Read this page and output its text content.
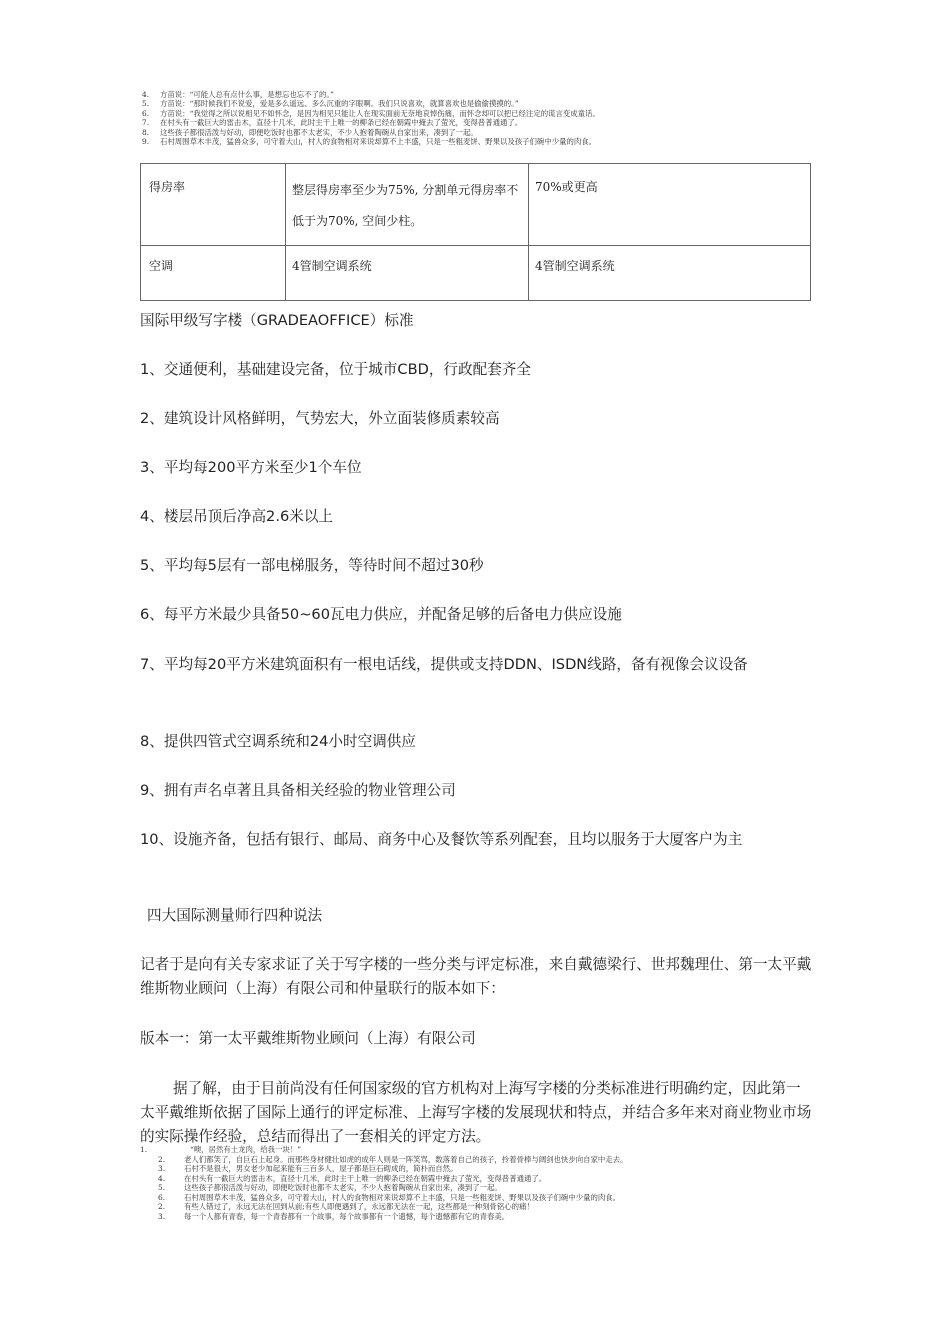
4.	方苗说：“可能人总有点什么事，是想忘也忘不了的。”
5.	方苗说：“那时候我们不说爱，爱是多么遥远、多么沉重的字眼啊。我们只说喜欢，就算喜欢也是偷偷摸摸的。”
6.	方苗说：“我觉得之所以说相见不如怀念，是因为相见只能让人在现实面前无奈地哀悼伤痛，而怀念却可以把已经注定的谎言变成童话。
7.	在村头有一截巨大的雷击木，直径十几米，此时主干上唯一的柳条已经在朝霞中掩去了萤光，变得普普通通了。
8.	这些孩子都很活泼与好动，即便吃饭时也都不太老实，不少人抱着陶碗从自家出来，凑到了一起。
9.	石村周围草木丰茂，猛兽众多，可守着大山，村人的食物相对来说却算不上丰盛，只是一些粗麦饼、野果以及孩子们碗中少量的肉食。
得房率	整层得房率至少为75%, 分割单元得房率不低于为70%, 空间少柱。	70%或更高
空调	4管制空调系统	4管制空调系统
国际甲级写字楼（GRADEAOFFICE）标准
1、交通便利，基础建设完备，位于城市CBD，行政配套齐全
2、建筑设计风格鲜明，气势宏大，外立面装修质素较高
3、平均每200平方米至少1个车位
4、楼层吊顶后净高2.6米以上
5、平均每5层有一部电梯服务，等待时间不超过30秒
6、每平方米最少具备50~60瓦电力供应，并配备足够的后备电力供应设施
7、平均每20平方米建筑面积有一根电话线，提供或支持DDN、ISDN线路，备有视像会议设备
8、提供四管式空调系统和24小时空调供应
9、拥有声名卓著且具备相关经验的物业管理公司
10、设施齐备，包括有银行、邮局、商务中心及餐饮等系列配套，且均以服务于大厦客户为主
四大国际测量师行四种说法
记者于是向有关专家求证了关于写字楼的一些分类与评定标准，来自戴德梁行、世邦魏理仕、第一太平戴维斯物业顾问（上海）有限公司和仲量联行的版本如下：
版本一：第一太平戴维斯物业顾问（上海）有限公司
据了解，由于目前尚没有任何国家级的官方机构对上海写字楼的分类标准进行明确约定，因此第一太平戴维斯依据了国际上通行的评定标准、上海写字楼的发展现状和特点，并结合多年来对商业物业市场的实际操作经验，总结而得出了一套相关的评定方法。
1.	“噢，居然有土龙肉，给我一块！”
2.	老人们都笑了，自巨石上起身。而那些身材健壮如虎的成年人则是一阵笑骂，数落着自己的孩子，拎着骨棒与阔剑也快步向自家中走去。
3.	石村不是很大，男女老少加起来能有三百多人，屋子都是巨石砌成的，简朴而自然。
4.	在村头有一截巨大的雷击木，直径十几米，此时主干上唯一的柳条已经在朝霞中掩去了萤光，变得普普通通了。
5.	这些孩子都很活泼与好动，即便吃饭时也都不太老实，不少人抱着陶碗从自家出来，凑到了一起。
6.	石村周围草木丰茂，猛兽众多，可守着大山，村人的食物相对来说却算不上丰盛，只是一些粗麦饼、野果以及孩子们碗中少量的肉食。
2.	有些人错过了，永远无法在回到从前;有些人即便遇到了，永远都无法在一起，这些都是一种刻骨铭心的痛！
3.	每一个人都有青春，每一个青春都有一个故事，每个故事都有一个遗憾，每个遗憾都有它的青春美。
